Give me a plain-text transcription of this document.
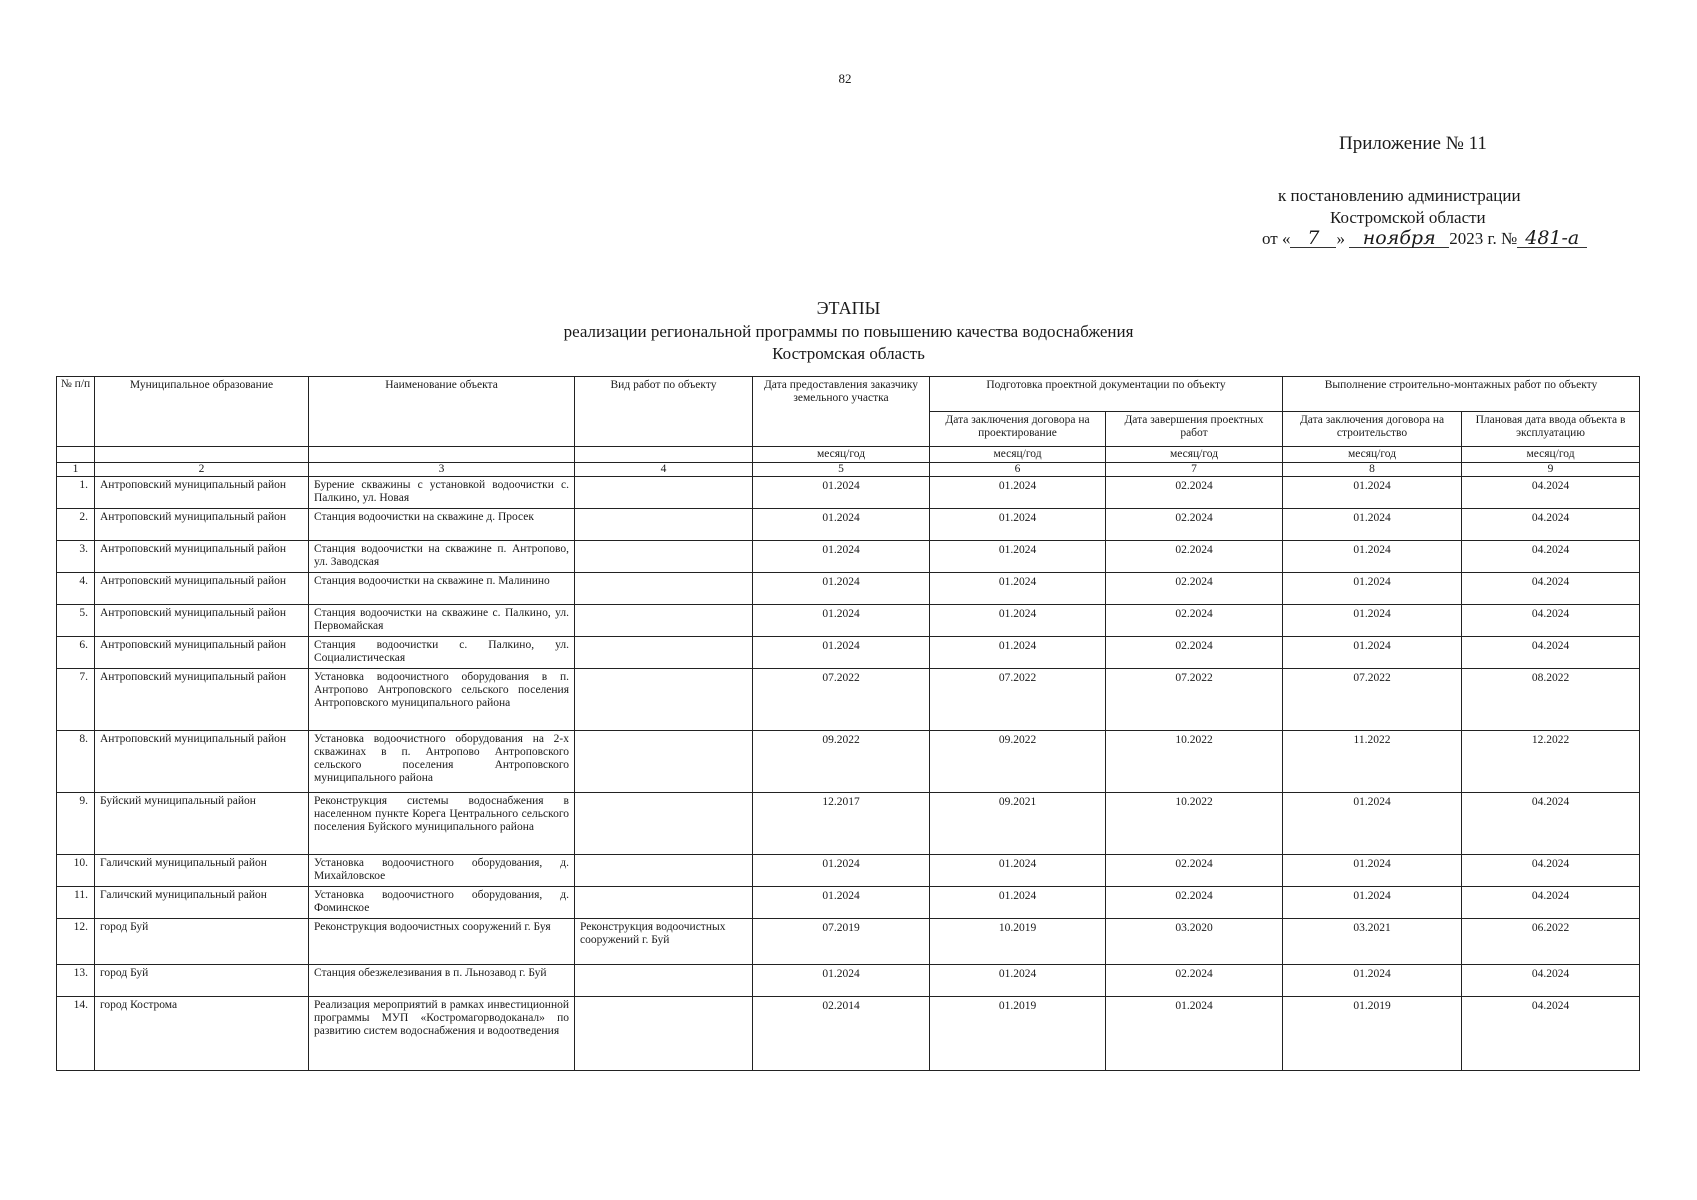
82
Приложение № 11
к постановлению администрации
Костромской области
от « 7 » ноября 2023 г. № 481-а
ЭТАПЫ
реализации региональной программы по повышению качества водоснабжения
Костромская область
№ п/п	Муниципальное образование	Наименование объекта	Вид работ по объекту	Дата предоставления заказчику земельного участка	Подготовка проектной документации по объекту		Выполнение строительно-монтажных работ по объекту	
					Дата заключения договора на проектирование	Дата завершения проектных работ	Дата заключения договора на строительство	Плановая дата ввода объекта в эксплуатацию
				месяц/год	месяц/год	месяц/год	месяц/год	месяц/год
1	2	3	4	5	6	7	8	9
1.	Антроповский муниципальный район	Бурение скважины с установкой водоочистки с. Палкино, ул. Новая		01.2024	01.2024	02.2024	01.2024	04.2024
2.	Антроповский муниципальный район	Станция водоочистки на скважине д. Просек		01.2024	01.2024	02.2024	01.2024	04.2024
3.	Антроповский муниципальный район	Станция водоочистки на скважине п. Антропово, ул. Заводская		01.2024	01.2024	02.2024	01.2024	04.2024
4.	Антроповский муниципальный район	Станция водоочистки на скважине п. Малинино		01.2024	01.2024	02.2024	01.2024	04.2024
5.	Антроповский муниципальный район	Станция водоочистки на скважине с. Палкино, ул. Первомайская		01.2024	01.2024	02.2024	01.2024	04.2024
6.	Антроповский муниципальный район	Станция водоочистки с. Палкино, ул. Социалистическая		01.2024	01.2024	02.2024	01.2024	04.2024
7.	Антроповский муниципальный район	Установка водоочистного оборудования в п. Антропово Антроповского сельского поселения Антроповского муниципального района		07.2022	07.2022	07.2022	07.2022	08.2022
8.	Антроповский муниципальный район	Установка водоочистного оборудования на 2-х скважинах в п. Антропово Антроповского сельского поселения Антроповского муниципального района		09.2022	09.2022	10.2022	11.2022	12.2022
9.	Буйский муниципальный район	Реконструкция системы водоснабжения в населенном пункте Корега Центрального сельского поселения Буйского муниципального района		12.2017	09.2021	10.2022	01.2024	04.2024
10.	Галичский муниципальный район	Установка водоочистного оборудования, д. Михайловское		01.2024	01.2024	02.2024	01.2024	04.2024
11.	Галичский муниципальный район	Установка водоочистного оборудования, д. Фоминское		01.2024	01.2024	02.2024	01.2024	04.2024
12.	город Буй	Реконструкция водоочистных сооружений г. Буя	Реконструкция водоочистных сооружений г. Буй	07.2019	10.2019	03.2020	03.2021	06.2022
13.	город Буй	Станция обезжелезивания в п. Льнозавод г. Буй		01.2024	01.2024	02.2024	01.2024	04.2024
14.	город Кострома	Реализация мероприятий в рамках инвестиционной программы МУП «Костромагорводоканал» по развитию систем водоснабжения и водоотведения		02.2014	01.2019	01.2024	01.2019	04.2024
